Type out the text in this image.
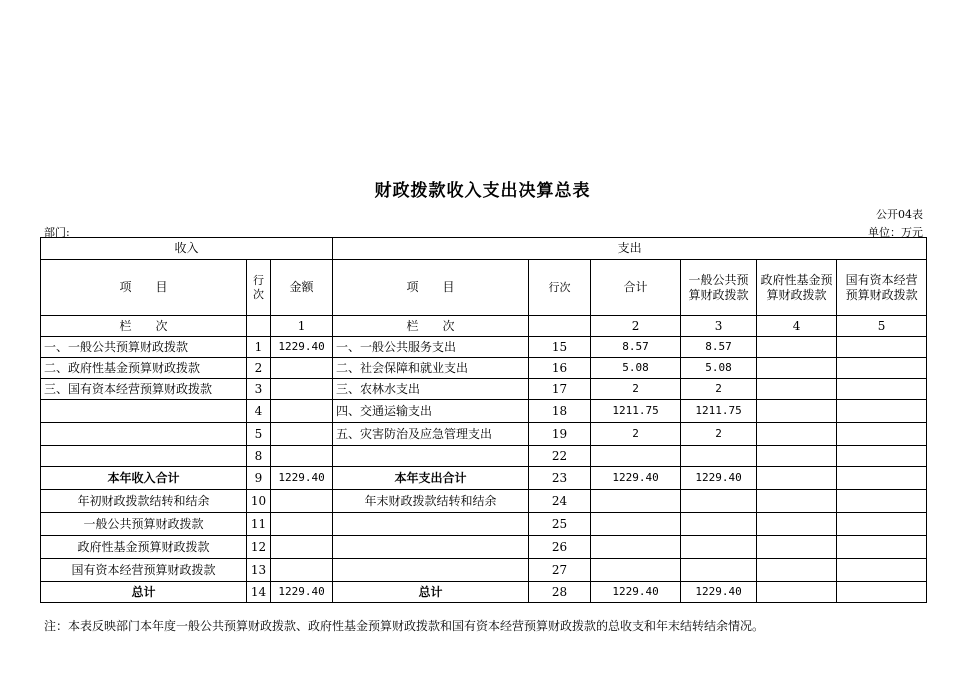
财政拨款收入支出决算总表
公开04表
部门:	单位：万元
收入			支出					
项　　目	行次	金额	项　　目	行次	合计	一般公共预算财政拨款	政府性基金预算财政拨款	国有资本经营预算财政拨款
栏　　次		1	栏　　次		2	3	4	5
一、一般公共预算财政拨款	1	1229.40	一、一般公共服务支出	15	8.57	8.57		
二、政府性基金预算财政拨款	2		二、社会保障和就业支出	16	5.08	5.08		
三、国有资本经营预算财政拨款	3		三、农林水支出	17	2	2		
	4		四、交通运输支出	18	1211.75	1211.75		
	5		五、灾害防治及应急管理支出	19	2	2		
	8			22				
本年收入合计	9	1229.40	本年支出合计	23	1229.40	1229.40		
年初财政拨款结转和结余	10		年末财政拨款结转和结余	24				
一般公共预算财政拨款	11			25				
政府性基金预算财政拨款	12			26				
国有资本经营预算财政拨款	13			27				
总计	14	1229.40	总计	28	1229.40	1229.40		
注：本表反映部门本年度一般公共预算财政拨款、政府性基金预算财政拨款和国有资本经营预算财政拨款的总收支和年末结转结余情况。
